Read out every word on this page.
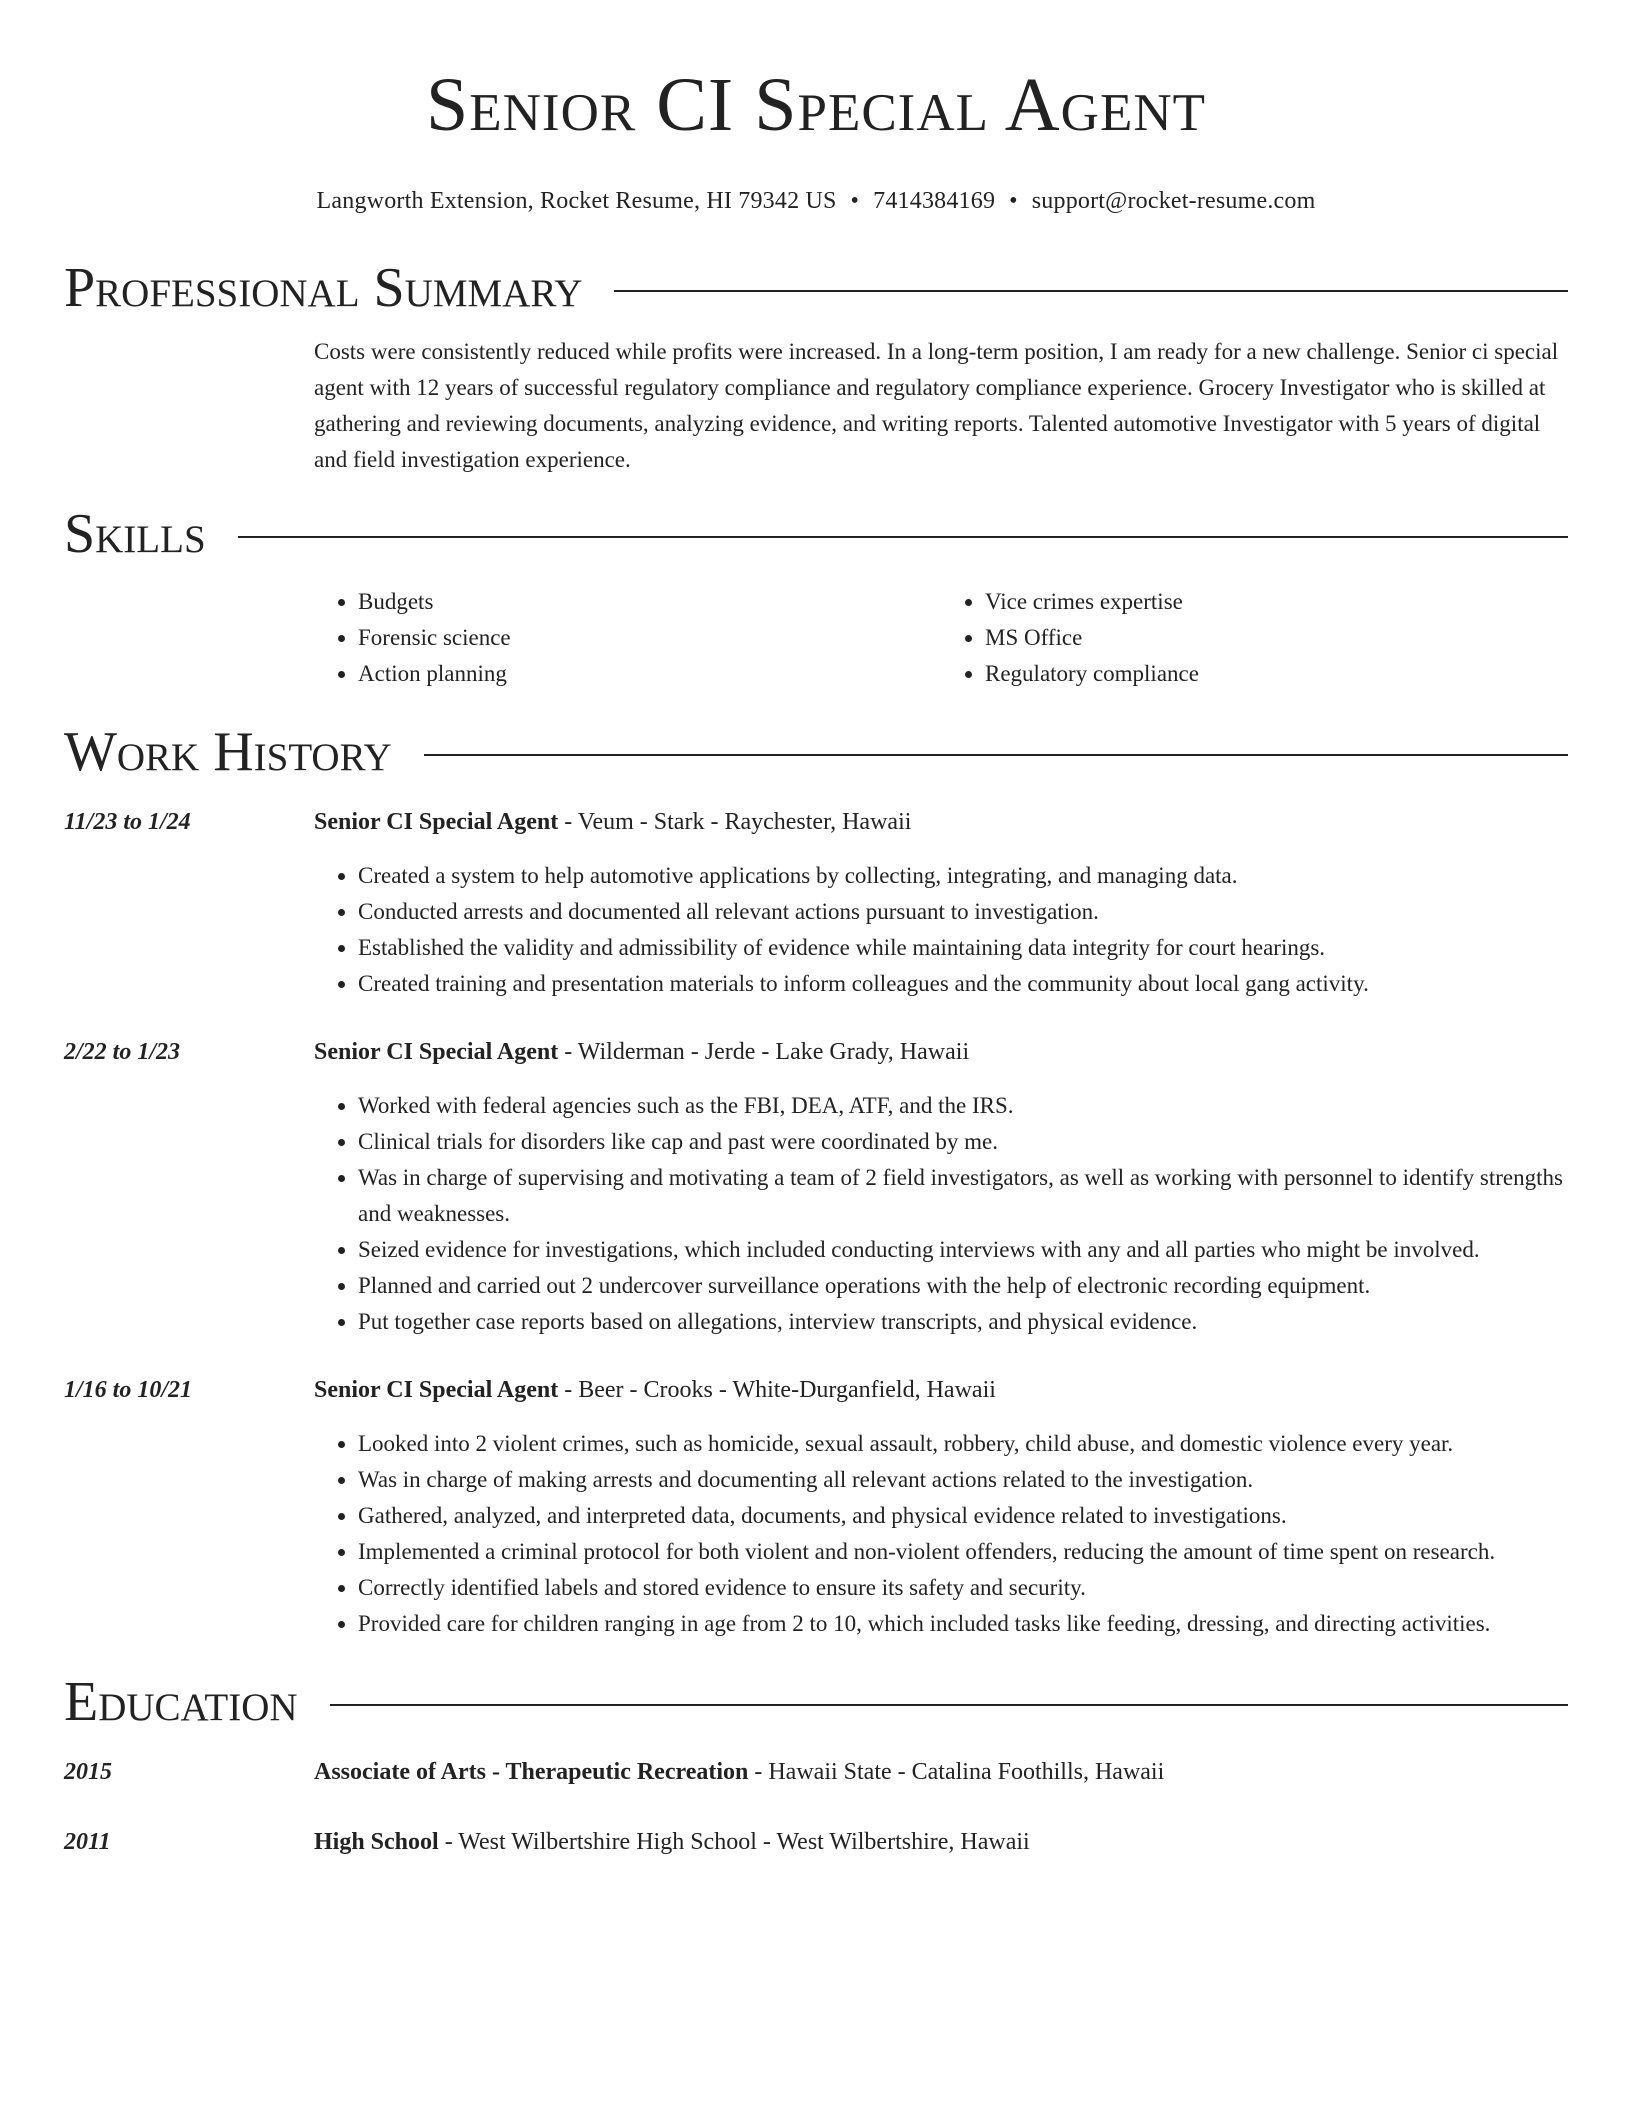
Senior CI Special Agent
Langworth Extension, Rocket Resume, HI 79342 US • 7414384169 • support@rocket-resume.com
Professional Summary
Costs were consistently reduced while profits were increased. In a long-term position, I am ready for a new challenge. Senior ci special agent with 12 years of successful regulatory compliance and regulatory compliance experience. Grocery Investigator who is skilled at gathering and reviewing documents, analyzing evidence, and writing reports. Talented automotive Investigator with 5 years of digital and field investigation experience.
Skills
• Budgets
• Forensic science
• Action planning
• Vice crimes expertise
• MS Office
• Regulatory compliance
Work History
11/23 to 1/24	Senior CI Special Agent - Veum - Stark - Raychester, Hawaii
• Created a system to help automotive applications by collecting, integrating, and managing data.
• Conducted arrests and documented all relevant actions pursuant to investigation.
• Established the validity and admissibility of evidence while maintaining data integrity for court hearings.
• Created training and presentation materials to inform colleagues and the community about local gang activity.
2/22 to 1/23	Senior CI Special Agent - Wilderman - Jerde - Lake Grady, Hawaii
• Worked with federal agencies such as the FBI, DEA, ATF, and the IRS.
• Clinical trials for disorders like cap and past were coordinated by me.
• Was in charge of supervising and motivating a team of 2 field investigators, as well as working with personnel to identify strengths and weaknesses.
• Seized evidence for investigations, which included conducting interviews with any and all parties who might be involved.
• Planned and carried out 2 undercover surveillance operations with the help of electronic recording equipment.
• Put together case reports based on allegations, interview transcripts, and physical evidence.
1/16 to 10/21	Senior CI Special Agent - Beer - Crooks - White-Durganfield, Hawaii
• Looked into 2 violent crimes, such as homicide, sexual assault, robbery, child abuse, and domestic violence every year.
• Was in charge of making arrests and documenting all relevant actions related to the investigation.
• Gathered, analyzed, and interpreted data, documents, and physical evidence related to investigations.
• Implemented a criminal protocol for both violent and non-violent offenders, reducing the amount of time spent on research.
• Correctly identified labels and stored evidence to ensure its safety and security.
• Provided care for children ranging in age from 2 to 10, which included tasks like feeding, dressing, and directing activities.
Education
2015	Associate of Arts - Therapeutic Recreation - Hawaii State - Catalina Foothills, Hawaii
2011	High School - West Wilbertshire High School - West Wilbertshire, Hawaii
